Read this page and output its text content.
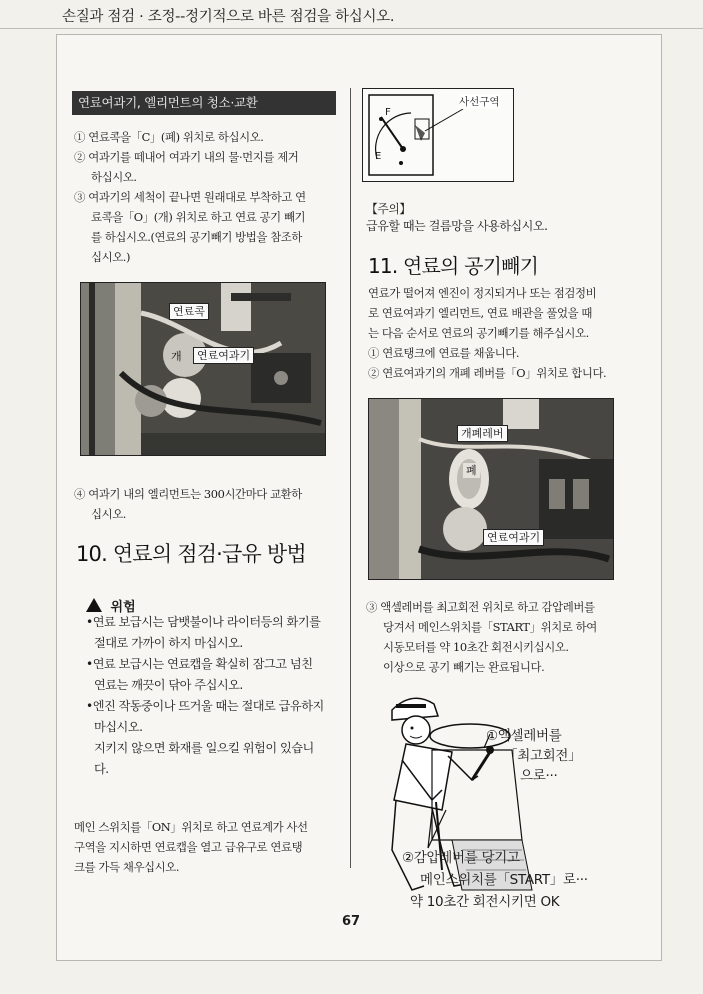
손질과 점검 · 조정--정기적으로 바른 점검을 하십시오.
연료여과기, 엘리먼트의 청소·교환
① 연료콕을「C」(폐) 위치로 하십시오.
② 여과기를 떼내어 여과기 내의 물·먼지를 제거
하십시오.
③ 여과기의 세척이 끝나면 원래대로 부착하고 연
료콕을「O」(개) 위치로 하고 연료 공기 빼기
를 하십시오.(연료의 공기빼기 방법을 참조하
십시오.)
연료콕
개	연료여과기
④ 여과기 내의 엘리먼트는 300시간마다 교환하
십시오.
10. 연료의 점검·급유 방법
위험
•연료 보급시는 담뱃불이나 라이터등의 화기를
절대로 가까이 하지 마십시오.
•연료 보급시는 연료캡을 확실히 잠그고 넘친
연료는 깨끗이 닦아 주십시오.
•엔진 작동중이나 뜨거울 때는 절대로 급유하지
마십시오.
지키지 않으면 화재를 일으킬 위험이 있습니
다.
메인 스위치를「ON」위치로 하고 연료계가 사선
구역을 지시하면 연료캡을 열고 급유구로 연료탱
크를 가득 채우십시오.
사선구역
F
E
【주의】
급유할 때는 걸름망을 사용하십시오.
11. 연료의 공기빼기
연료가 떨어져 엔진이 정지되거나 또는 점검정비
로 연료여과기 엘리먼트, 연료 배관을 풀었을 때
는 다음 순서로 연료의 공기빼기를 해주십시오.
① 연료탱크에 연료를 채웁니다.
② 연료여과기의 개폐 레버를「O」위치로 합니다.
개폐레버
폐
연료여과기
③ 액셀레버를 최고회전 위치로 하고 감압레버를
당겨서 메인스위치를「START」위치로 하여
시동모터를 약 10초간 회전시키십시오.
이상으로 공기 빼기는 완료됩니다.
①액셀레버를
「최고회전」
으로···
②감압레버를 당기고
메인스위치를「START」로···
약 10초간 회전시키면 OK
67
